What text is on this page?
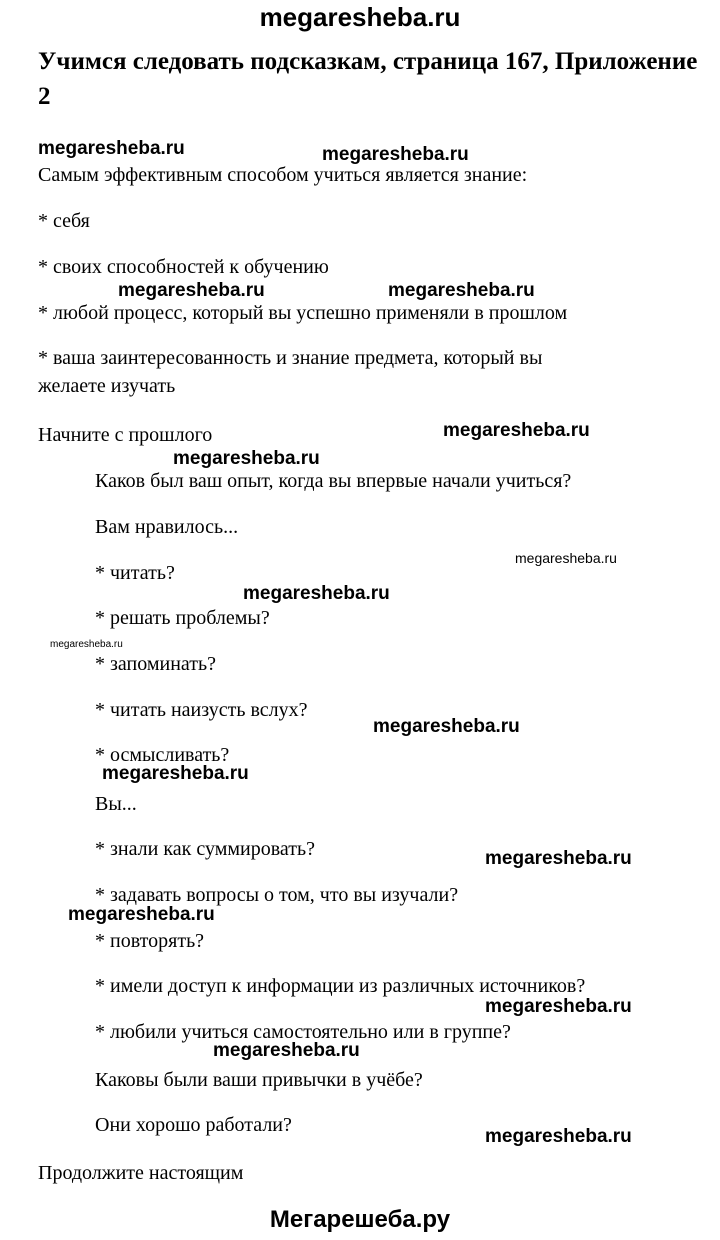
megaresheba.ru
Учимся следовать подсказкам, страница 167, Приложение 2
Самым эффективным способом учиться является знание:
* себя
* своих способностей к обучению
* любой процесс, который вы успешно применяли в прошлом
* ваша заинтересованность и знание предмета, который вы
желаете изучать
Начните с прошлого
Каков был ваш опыт, когда вы впервые начали учиться?
Вам нравилось...
* читать?
* решать проблемы?
* запоминать?
* читать наизусть вслух?
* осмысливать?
Вы...
* знали как суммировать?
* задавать вопросы о том, что вы изучали?
* повторять?
* имели доступ к информации из различных источников?
* любили учиться самостоятельно или в группе?
Каковы были ваши привычки в учёбе?
Они хорошо работали?
Продолжите настоящим
megaresheba.ru	megaresheba.ru
megaresheba.ru	megaresheba.ru
megaresheba.ru
megaresheba.ru
megaresheba.ru
megaresheba.ru
megaresheba.ru
megaresheba.ru
megaresheba.ru
megaresheba.ru
megaresheba.ru
megaresheba.ru
megaresheba.ru
megaresheba.ru
Мегарешеба.ру
